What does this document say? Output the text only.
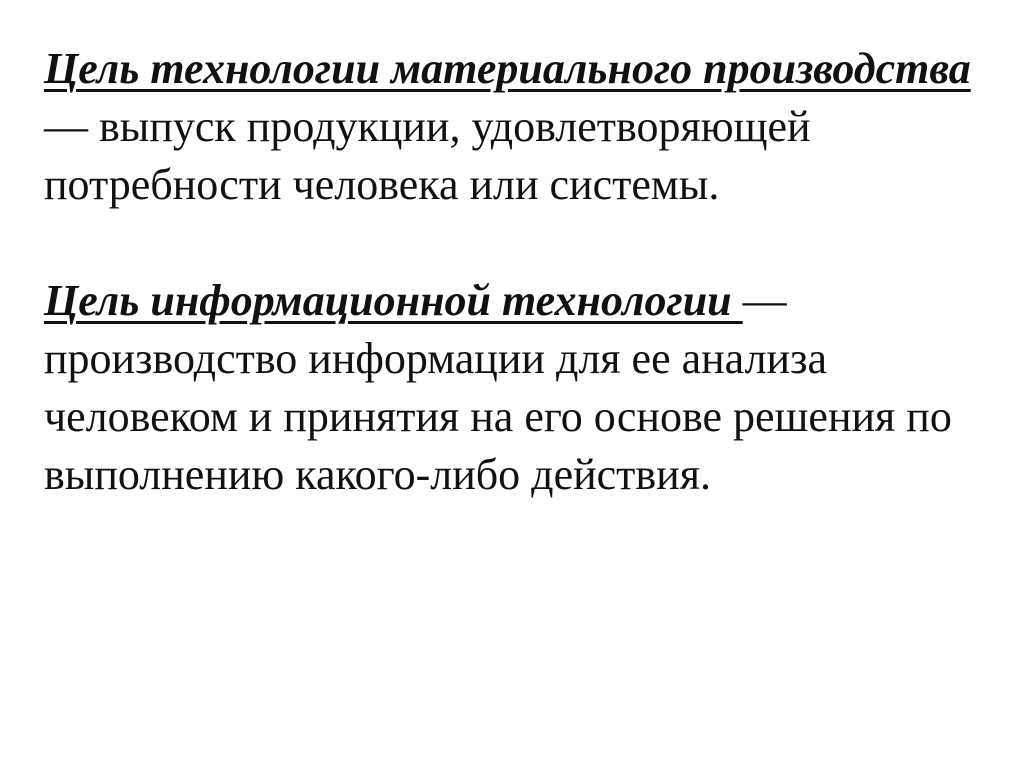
Цель технологии материального производства — выпуск продукции, удовлетворяющей потребности человека или системы.

Цель информационной технологии — производство информации для ее анализа человеком и принятия на его основе решения по выполнению какого-либо действия.
